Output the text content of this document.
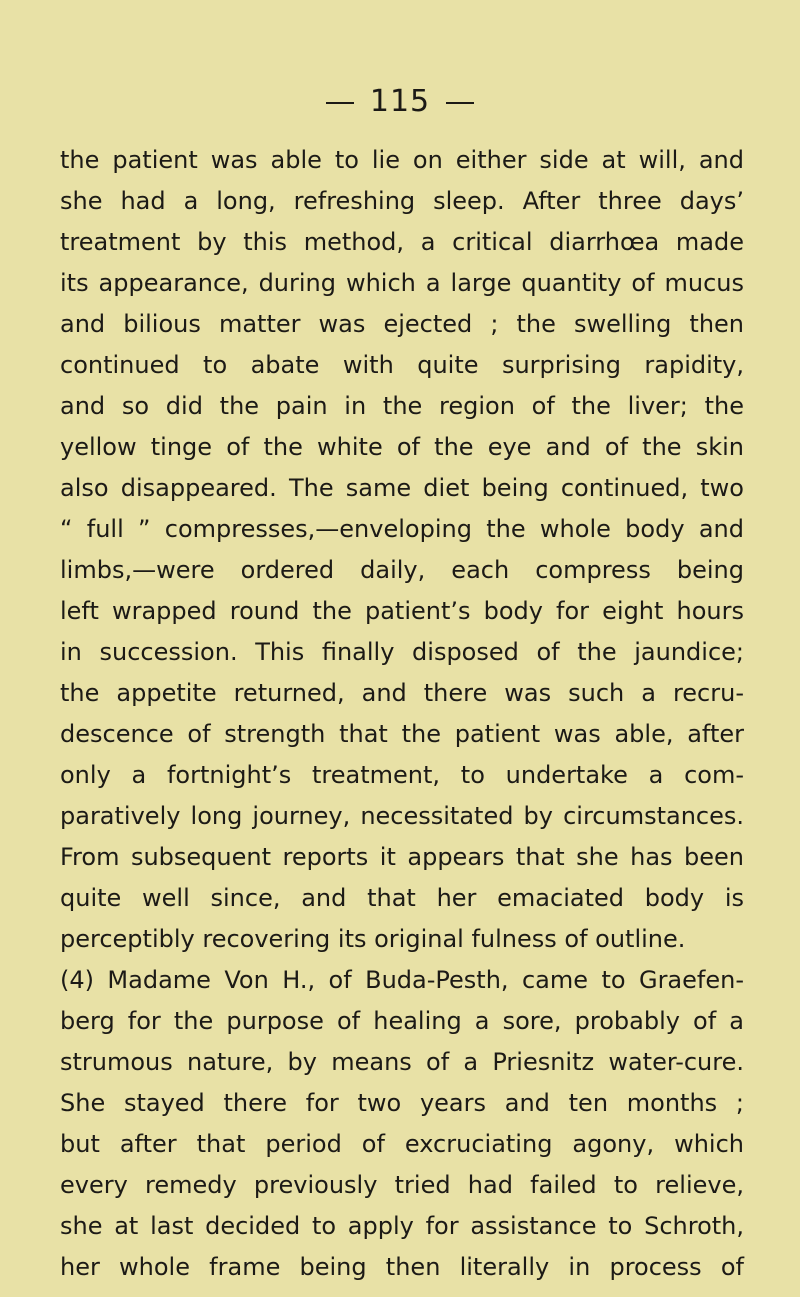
115
the patient was able to lie on either side at will, and
she had a long, refreshing sleep. After three days’
treatment by this method, a critical diarrhœa made
its appearance, during which a large quantity of mucus
and bilious matter was ejected ; the swelling then
continued to abate with quite surprising rapidity,
and so did the pain in the region of the liver; the
yellow tinge of the white of the eye and of the skin
also disappeared. The same diet being continued, two
“ full ” compresses,—enveloping the whole body and
limbs,—were ordered daily, each compress being
left wrapped round the patient’s body for eight hours
in succession. This finally disposed of the jaundice;
the appetite returned, and there was such a recru-
descence of strength that the patient was able, after
only a fortnight’s treatment, to undertake a com-
paratively long journey, necessitated by circumstances.
From subsequent reports it appears that she has been
quite well since, and that her emaciated body is
perceptibly recovering its original fulness of outline.
(4) Madame Von H., of Buda-Pesth, came to Graefen-
berg for the purpose of healing a sore, probably of a
strumous nature, by means of a Priesnitz water-cure.
She stayed there for two years and ten months ;
but after that period of excruciating agony, which
every remedy previously tried had failed to relieve,
she at last decided to apply for assistance to Schroth,
her whole frame being then literally in process of
